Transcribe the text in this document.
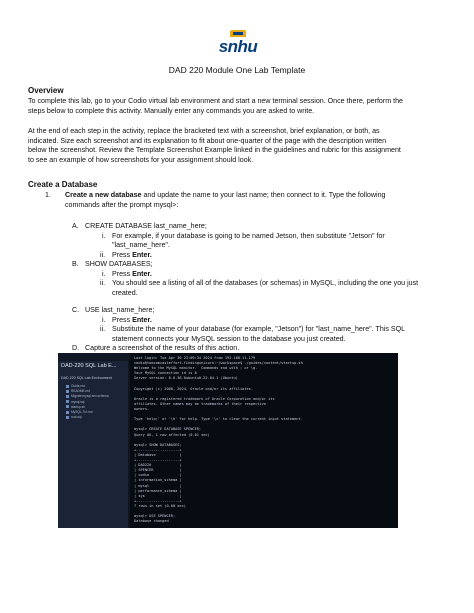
snhu
DAD 220 Module One Lab Template
Overview
To complete this lab, go to your Codio virtual lab environment and start a new terminal session. Once there, perform the
steps below to complete this activity. Manually enter any commands you are asked to write.
At the end of each step in the activity, replace the bracketed text with a screenshot, brief explanation, or both, as
indicated. Size each screenshot and its explanation to fit about one-quarter of the page with the description written
below the screenshot. Review the Template Screenshot Example linked in the guidelines and rubric for this assignment
to see an example of how screenshots for your assignment should look.
Create a Database
1.	Create a new database and update the name to your last name; then connect to it. Type the following
commands after the prompt mysql>:
A. CREATE DATABASE last_name_here;
i. For example, if your database is going to be named Jetson, then substitute "Jetson" for
"last_name_here".
ii. Press Enter.
B. SHOW DATABASES;
i. Press Enter.
ii. You should see a listing of all of the databases (or schemas) in MySQL, including the one you just
created.
C. USE last_name_here;
i. Press Enter.
ii. Substitute the name of your database (for example, "Jetson") for "last_name_here". This SQL
statement connects your MySQL session to the database you just created.
D. Capture a screenshot of the results of this action.
DAD-220 SQL Lab E...
DAD 220 SQL Lab Environment
Guide.md
README.md
Migrate.mysql.env.schema
mysql.sql
startup.sh
MySQL-Tut.md
root.sql
Last login: Tue Apr 30 23:09:34 2024 from 192.168.11.179
codio@tomcomcasteffort-findingunicorn:~/workspace$ ./guides/content/startup.sh
Welcome to the MySQL monitor.  Commands end with ; or \g.
Your MySQL connection id is 8
Server version: 8.0.36-0ubuntu0.22.04.1 (Ubuntu)
Copyright (c) 2000, 2024, Oracle and/or its affiliates.
Oracle is a registered trademark of Oracle Corporation and/or its
affiliates. Other names may be trademarks of their respective
owners.
Type 'help;' or '\h' for help. Type '\c' to clear the current input statement.
mysql> CREATE DATABASE SPENCER;
Query OK, 1 row affected (0.01 sec)
mysql> SHOW DATABASES;
+--------------------+
| Database           |
+--------------------+
| DAD220             |
| SPENCER            |
| codio              |
| information_schema |
| mysql              |
| performance_schema |
| sys                |
+--------------------+
7 rows in set (0.00 sec)
mysql> USE SPENCER;
Database changed
